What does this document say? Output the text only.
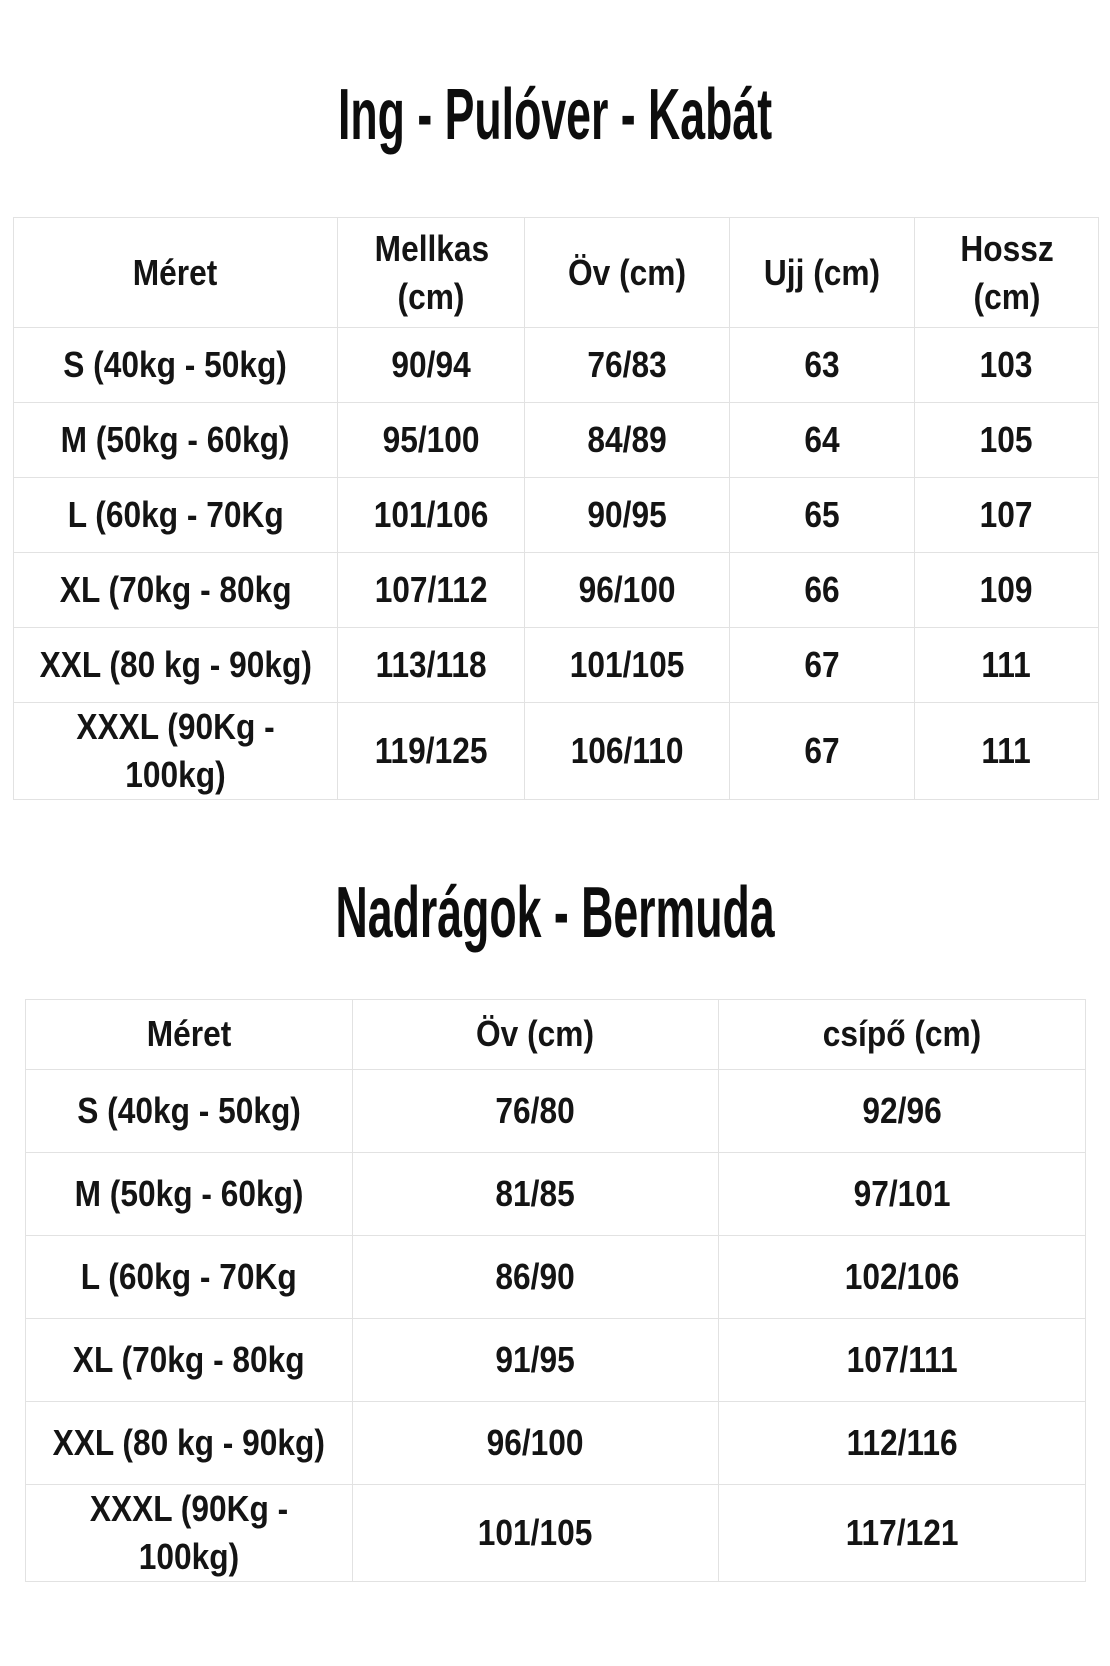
Ing - Pulóver - Kabát
Méret	Mellkas (cm)	Öv (cm)	Ujj (cm)	Hossz (cm)
S (40kg - 50kg)	90/94	76/83	63	103
M (50kg - 60kg)	95/100	84/89	64	105
L (60kg - 70Kg	101/106	90/95	65	107
XL (70kg - 80kg	107/112	96/100	66	109
XXL (80 kg - 90kg)	113/118	101/105	67	111
XXXL (90Kg - 100kg)	119/125	106/110	67	111
Nadrágok - Bermuda
Méret	Öv (cm)	csípő (cm)
S (40kg - 50kg)	76/80	92/96
M (50kg - 60kg)	81/85	97/101
L (60kg - 70Kg	86/90	102/106
XL (70kg - 80kg	91/95	107/111
XXL (80 kg - 90kg)	96/100	112/116
XXXL (90Kg - 100kg)	101/105	117/121
